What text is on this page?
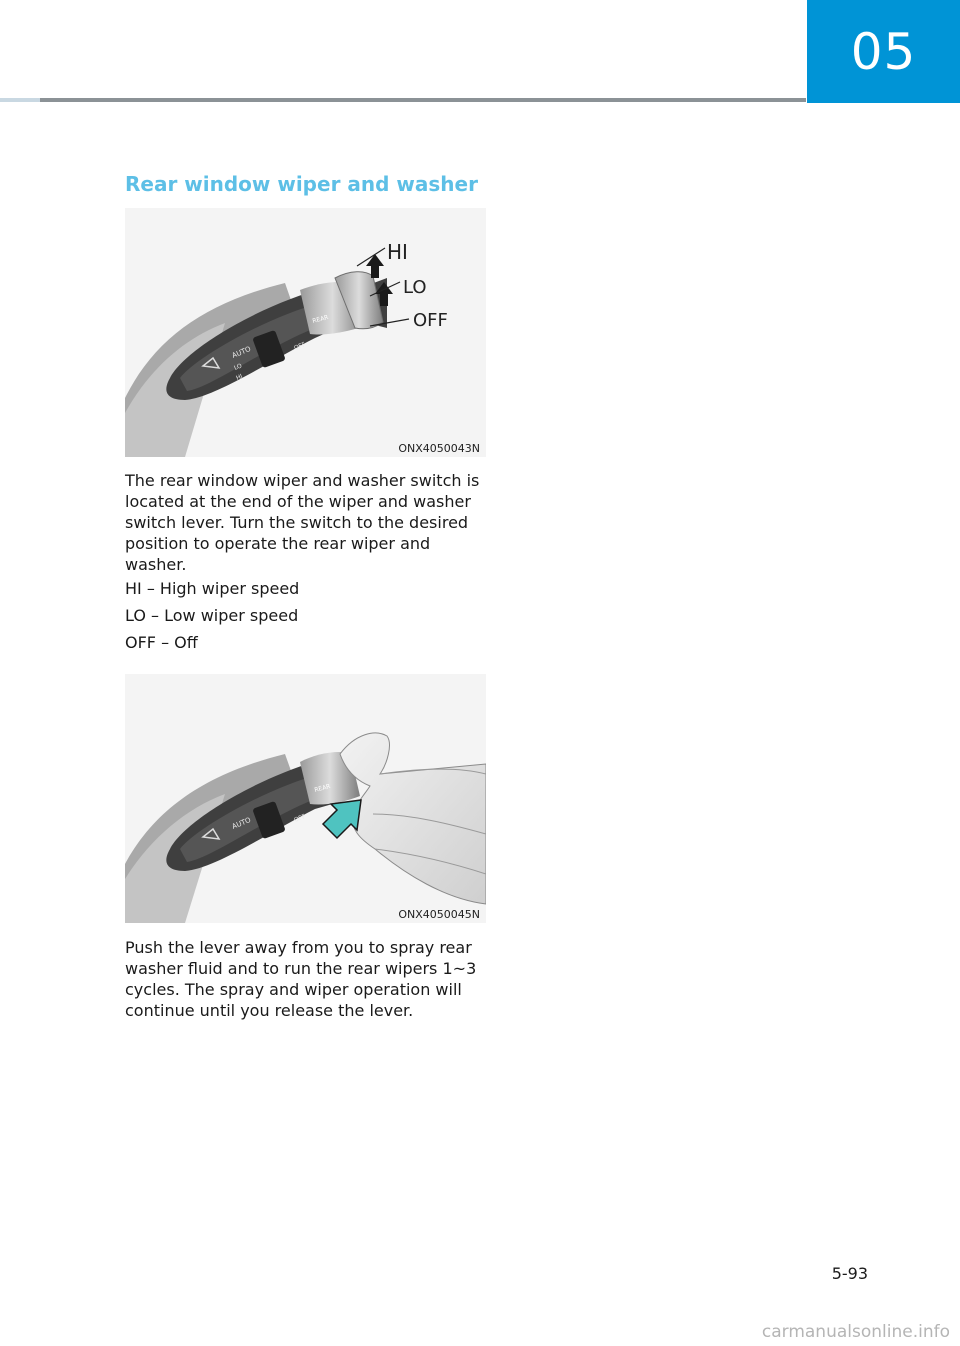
05
Rear window wiper and washer
AUTO
LO
HI
OFF
REAR
HI
LO
OFF
ONX4050043N

The rear window wiper and washer switch is located at the end of the wiper and washer switch lever. Turn the switch to the desired position to operate the rear wiper and washer.

HI – High wiper speed

LO – Low wiper speed

OFF – Off

AUTO	OFF
REAR
ONX4050045N

Push the lever away from you to spray rear washer fluid and to run the rear wipers 1~3 cycles. The spray and wiper operation will continue until you release the lever.

5-93
carmanualsonline.info
